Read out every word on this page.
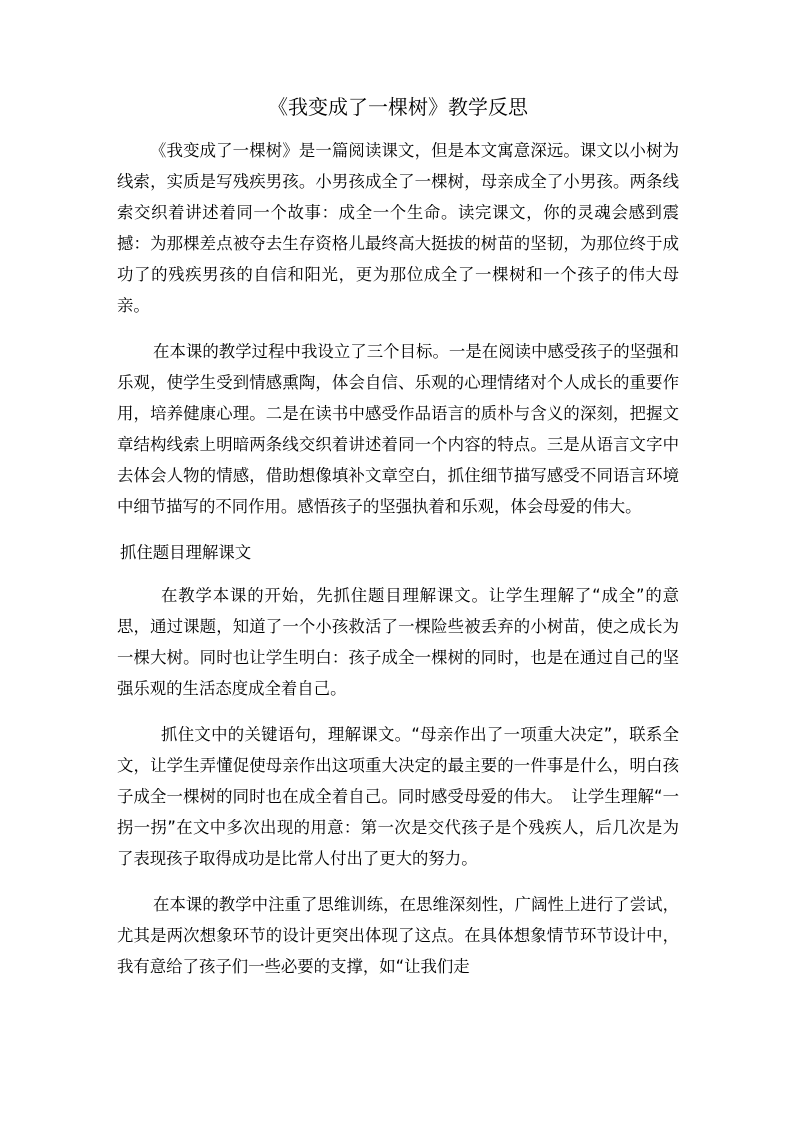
《我变成了一棵树》教学反思

《我变成了一棵树》是一篇阅读课文，但是本文寓意深远。课文以小树为线索，实质是写残疾男孩。小男孩成全了一棵树，母亲成全了小男孩。两条线索交织着讲述着同一个故事：成全一个生命。读完课文，你的灵魂会感到震撼：为那棵差点被夺去生存资格儿最终高大挺拔的树苗的坚韧，为那位终于成功了的残疾男孩的自信和阳光，更为那位成全了一棵树和一个孩子的伟大母亲。

在本课的教学过程中我设立了三个目标。一是在阅读中感受孩子的坚强和乐观，使学生受到情感熏陶，体会自信、乐观的心理情绪对个人成长的重要作用，培养健康心理。二是在读书中感受作品语言的质朴与含义的深刻，把握文章结构线索上明暗两条线交织着讲述着同一个内容的特点。三是从语言文字中去体会人物的情感，借助想像填补文章空白，抓住细节描写感受不同语言环境中细节描写的不同作用。感悟孩子的坚强执着和乐观，体会母爱的伟大。

抓住题目理解课文

在教学本课的开始，先抓住题目理解课文。让学生理解了“成全”的意思，通过课题，知道了一个小孩救活了一棵险些被丢弃的小树苗，使之成长为一棵大树。同时也让学生明白：孩子成全一棵树的同时，也是在通过自己的坚强乐观的生活态度成全着自己。

抓住文中的关键语句，理解课文。“母亲作出了一项重大决定”，联系全文，让学生弄懂促使母亲作出这项重大决定的最主要的一件事是什么，明白孩子成全一棵树的同时也在成全着自己。同时感受母爱的伟大。　让学生理解“一拐一拐”在文中多次出现的用意：第一次是交代孩子是个残疾人，后几次是为了表现孩子取得成功是比常人付出了更大的努力。

在本课的教学中注重了思维训练，在思维深刻性，广阔性上进行了尝试，尤其是两次想象环节的设计更突出体现了这点。在具体想象情节环节设计中，我有意给了孩子们一些必要的支撑，如“让我们走
